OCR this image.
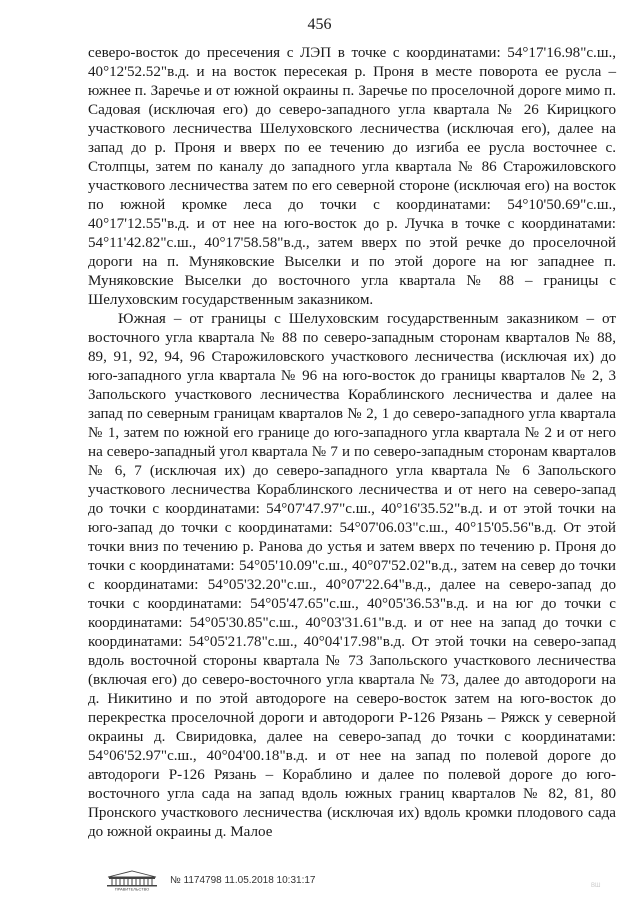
456

северо-восток до пресечения с ЛЭП в точке с координатами: 54°17'16.98"с.ш., 40°12'52.52"в.д. и на восток пересекая р. Проня в месте поворота ее русла – южнее п. Заречье и от южной окраины п. Заречье по проселочной дороге мимо п. Садовая (исключая его) до северо-западного угла квартала № 26 Кирицкого участкового лесничества Шелуховского лесничества (исключая его), далее на запад до р. Проня и вверх по ее течению до изгиба ее русла восточнее с. Столпцы, затем по каналу до западного угла квартала № 86 Старожиловского участкового лесничества затем по его северной стороне (исключая его) на восток по южной кромке леса до точки с координатами: 54°10'50.69"с.ш., 40°17'12.55"в.д. и от нее на юго-восток до р. Лучка в точке с координатами: 54°11'42.82"с.ш., 40°17'58.58"в.д., затем вверх по этой речке до проселочной дороги на п. Муняковские Выселки и по этой дороге на юг западнее п. Муняковские Выселки до восточного угла квартала № 88 – границы с Шелуховским государственным заказником.

Южная – от границы с Шелуховским государственным заказником – от восточного угла квартала № 88 по северо-западным сторонам кварталов № 88, 89, 91, 92, 94, 96 Старожиловского участкового лесничества (исключая их) до юго-западного угла квартала № 96 на юго-восток до границы кварталов № 2, 3 Запольского участкового лесничества Кораблинского лесничества и далее на запад по северным границам кварталов № 2, 1 до северо-западного угла квартала № 1, затем по южной его границе до юго-западного угла квартала № 2 и от него на северо-западный угол квартала № 7 и по северо-западным сторонам кварталов № 6, 7 (исключая их) до северо-западного угла квартала № 6 Запольского участкового лесничества Кораблинского лесничества и от него на северо-запад до точки с координатами: 54°07'47.97"с.ш., 40°16'35.52"в.д. и от этой точки на юго-запад до точки с координатами: 54°07'06.03"с.ш., 40°15'05.56"в.д. От этой точки вниз по течению р. Ранова до устья и затем вверх по течению р. Проня до точки с координатами: 54°05'10.09"с.ш., 40°07'52.02"в.д., затем на север до точки с координатами: 54°05'32.20"с.ш., 40°07'22.64"в.д., далее на северо-запад до точки с координатами: 54°05'47.65"с.ш., 40°05'36.53"в.д. и на юг до точки с координатами: 54°05'30.85"с.ш., 40°03'31.61"в.д. и от нее на запад до точки с координатами: 54°05'21.78"с.ш., 40°04'17.98"в.д. От этой точки на северо-запад вдоль восточной стороны квартала № 73 Запольского участкового лесничества (включая его) до северо-восточного угла квартала № 73, далее до автодороги на д. Никитино и по этой автодороге на северо-восток затем на юго-восток до перекрестка проселочной дороги и автодороги Р-126 Рязань – Ряжск у северной окраины д. Свиридовка, далее на северо-запад до точки с координатами: 54°06'52.97"с.ш., 40°04'00.18"в.д. и от нее на запад по полевой дороге до автодороги Р-126 Рязань – Кораблино и далее по полевой дороге до юго-восточного угла сада на запад вдоль южных границ кварталов № 82, 81, 80 Пронского участкового лесничества (исключая их) вдоль кромки плодового сада до южной окраины д. Малое

ПРАВИТЕЛЬСТВО
№ 1174798 11.05.2018 10:31:17
ВШ
